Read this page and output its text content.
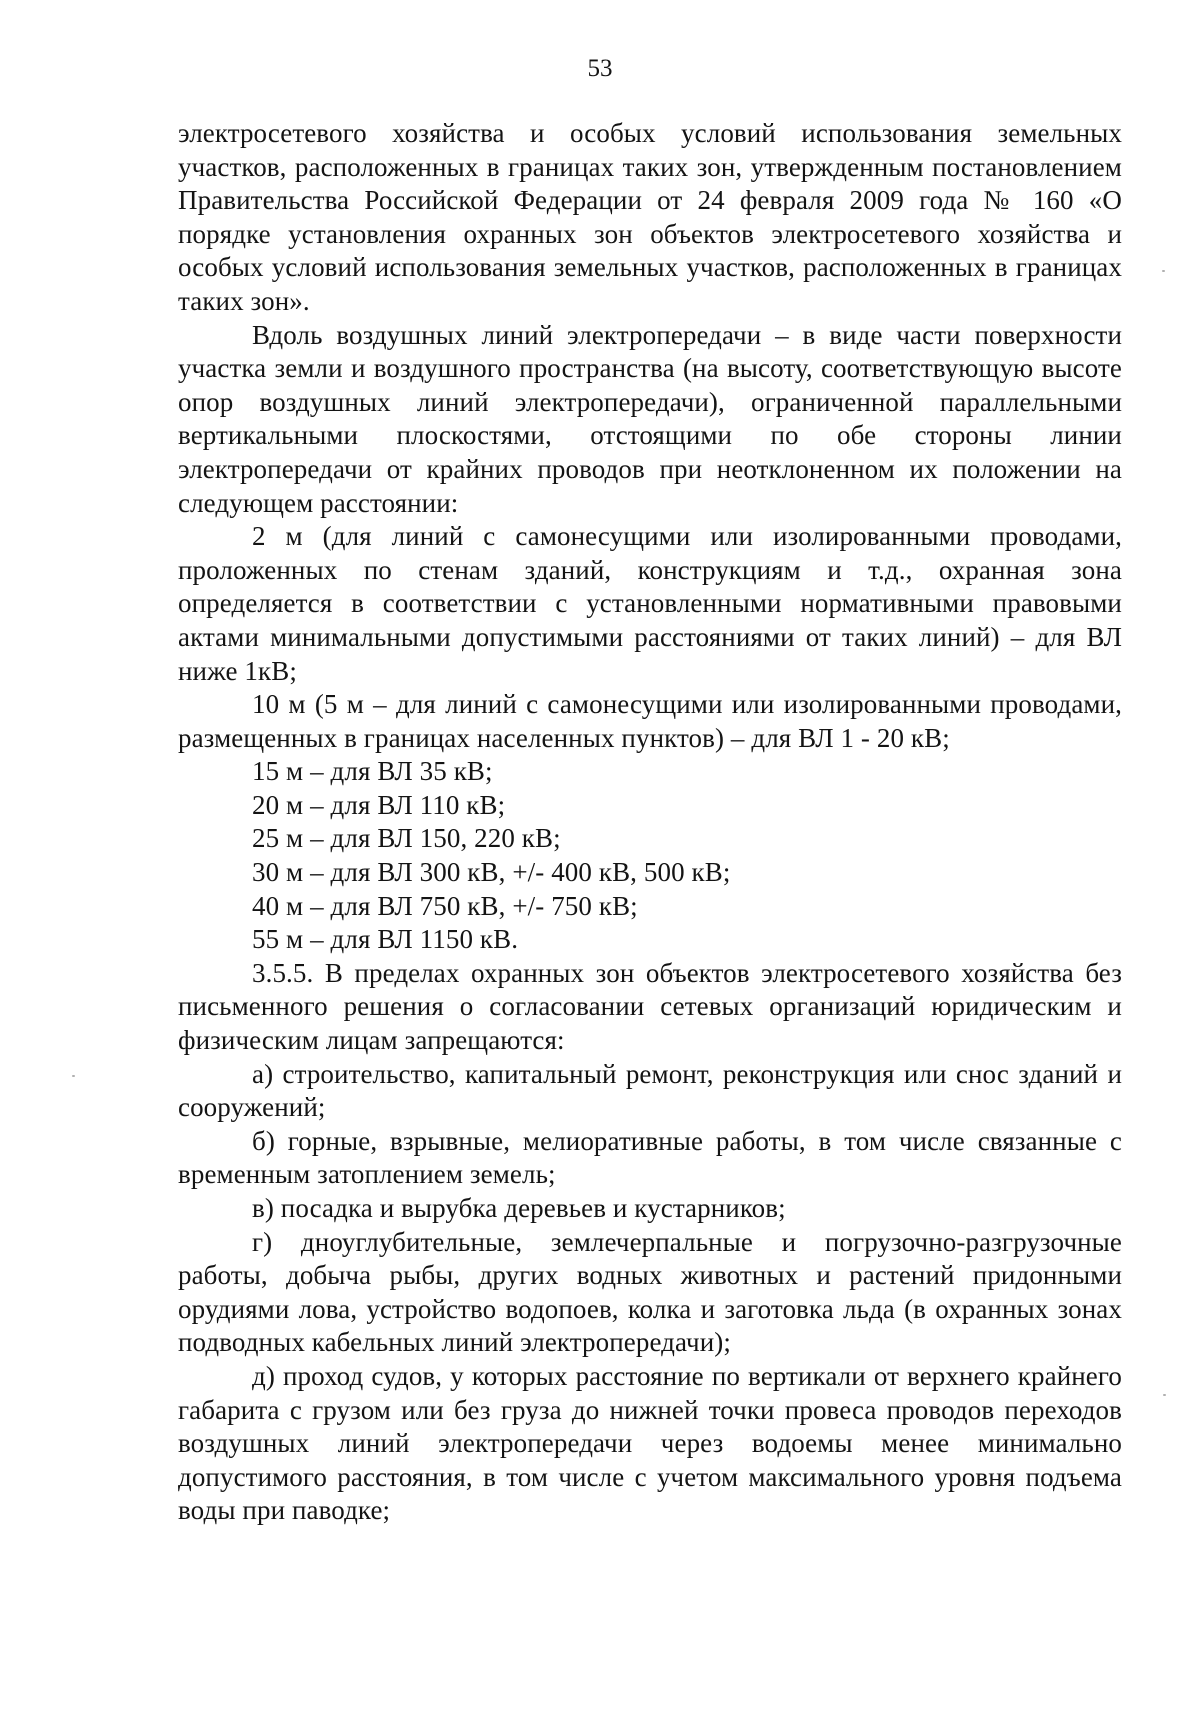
53

электросетевого хозяйства и особых условий использования земельных участков, расположенных в границах таких зон, утвержденным постановлением Правительства Российской Федерации от 24 февраля 2009 года № 160 «О порядке установления охранных зон объектов электросетевого хозяйства и особых условий использования земельных участков, расположенных в границах таких зон».

Вдоль воздушных линий электропередачи – в виде части поверхности участка земли и воздушного пространства (на высоту, соответствующую высоте опор воздушных линий электропередачи), ограниченной параллельными вертикальными плоскостями, отстоящими по обе стороны линии электропередачи от крайних проводов при неотклоненном их положении на следующем расстоянии:

2 м (для линий с самонесущими или изолированными проводами, проложенных по стенам зданий, конструкциям и т.д., охранная зона определяется в соответствии с установленными нормативными правовыми актами минимальными допустимыми расстояниями от таких линий) – для ВЛ ниже 1кВ;

10 м (5 м – для линий с самонесущими или изолированными проводами, размещенных в границах населенных пунктов) – для ВЛ 1 - 20 кВ;

15 м – для ВЛ 35 кВ;

20 м – для ВЛ 110 кВ;

25 м – для ВЛ 150, 220 кВ;

30 м – для ВЛ 300 кВ, +/- 400 кВ, 500 кВ;

40 м – для ВЛ 750 кВ, +/- 750 кВ;

55 м – для ВЛ 1150 кВ.

3.5.5. В пределах охранных зон объектов электросетевого хозяйства без письменного решения о согласовании сетевых организаций юридическим и физическим лицам запрещаются:

а) строительство, капитальный ремонт, реконструкция или снос зданий и сооружений;

б) горные, взрывные, мелиоративные работы, в том числе связанные с временным затоплением земель;

в) посадка и вырубка деревьев и кустарников;

г) дноуглубительные, землечерпальные и погрузочно-разгрузочные работы, добыча рыбы, других водных животных и растений придонными орудиями лова, устройство водопоев, колка и заготовка льда (в охранных зонах подводных кабельных линий электропередачи);

д) проход судов, у которых расстояние по вертикали от верхнего крайнего габарита с грузом или без груза до нижней точки провеса проводов переходов воздушных линий электропередачи через водоемы менее минимально допустимого расстояния, в том числе с учетом максимального уровня подъема воды при паводке;
